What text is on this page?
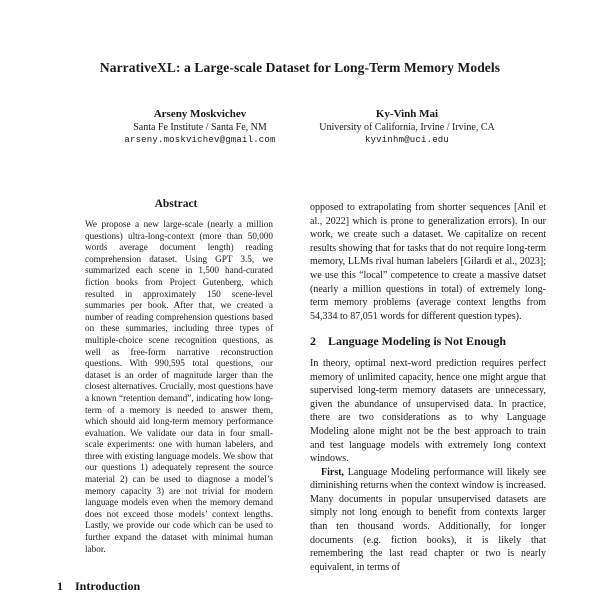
NarrativeXL: a Large-scale Dataset for Long-Term Memory Models
Arseny Moskvichev
Santa Fe Institute / Santa Fe, NM
arseny.moskvichev@gmail.com
Ky-Vinh Mai
University of California, Irvine / Irvine, CA
kyvinhm@uci.edu
Abstract
We propose a new large-scale (nearly a million questions) ultra-long-context (more than 50,000 words average document length) reading comprehension dataset. Using GPT 3.5, we summarized each scene in 1,500 hand-curated fiction books from Project Gutenberg, which resulted in approximately 150 scene-level summaries per book. After that, we created a number of reading comprehension questions based on these summaries, including three types of multiple-choice scene recognition questions, as well as free-form narrative reconstruction questions. With 990,595 total questions, our dataset is an order of magnitude larger than the closest alternatives. Crucially, most questions have a known “retention demand”, indicating how long-term of a memory is needed to answer them, which should aid long-term memory performance evaluation. We validate our data in four small-scale experiments: one with human labelers, and three with existing language models. We show that our questions 1) adequately represent the source material 2) can be used to diagnose a model’s memory capacity 3) are not trivial for modern language models even when the memory demand does not exceed those models’ context lengths. Lastly, we provide our code which can be used to further expand the dataset with minimal human labor.
1 Introduction

opposed to extrapolating from shorter sequences [Anil et al., 2022] which is prone to generalization errors). In our work, we create such a dataset. We capitalize on recent results showing that for tasks that do not require long-term memory, LLMs rival human labelers [Gilardi et al., 2023]; we use this “local” competence to create a massive datset (nearly a million questions in total) of extremely long-term memory problems (average context lengths from 54,334 to 87,051 words for different question types).

2 Language Modeling is Not Enough

In theory, optimal next-word prediction requires perfect memory of unlimited capacity, hence one might argue that supervised long-term memory datasets are unnecessary, given the abundance of unsupervised data. In practice, there are two considerations as to why Language Modeling alone might not be the best approach to train and test language models with extremely long context windows.

First, Language Modeling performance will likely see diminishing returns when the context window is increased. Many documents in popular unsupervised datasets are simply not long enough to benefit from contexts larger than ten thousand words. Additionally, for longer documents (e.g. fiction books), it is likely that remembering the last read chapter or two is nearly equivalent, in terms of
